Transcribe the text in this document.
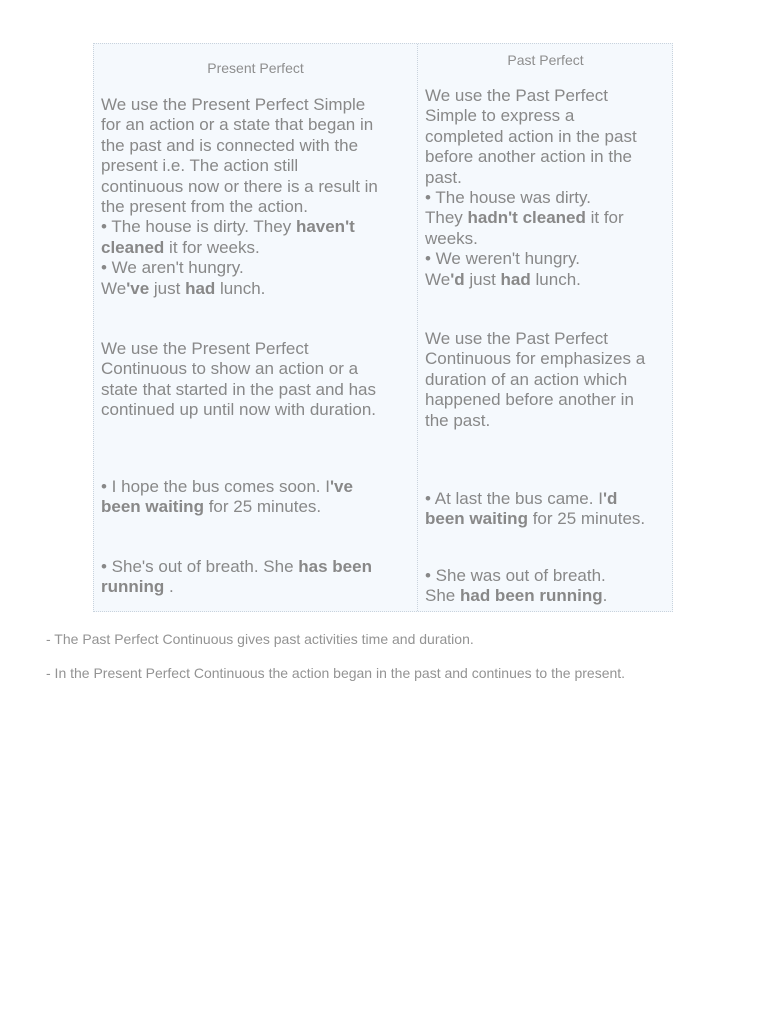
Present Perfect	Past Perfect
We use the Present Perfect Simple
for an action or a state that began in
the past and is connected with the
present i.e. The action still
continuous now or there is a result in
the present from the action.
• The house is dirty. They haven't
cleaned it for weeks.
• We aren't hungry.
We've just had lunch.
We use the Past Perfect
Simple to express a
completed action in the past
before another action in the
past.
• The house was dirty.
They hadn't cleaned it for
weeks.
• We weren't hungry.
We'd just had lunch.
We use the Present Perfect
Continuous to show an action or a
state that started in the past and has
continued up until now with duration.
• I hope the bus comes soon. I've
been waiting for 25 minutes.
• She's out of breath. She has been
running .
We use the Past Perfect
Continuous for emphasizes a
duration of an action which
happened before another in
the past.
• At last the bus came. I'd
been waiting for 25 minutes.
• She was out of breath.
She had been running.
- The Past Perfect Continuous gives past activities time and duration.
- In the Present Perfect Continuous the action began in the past and continues to the present.
